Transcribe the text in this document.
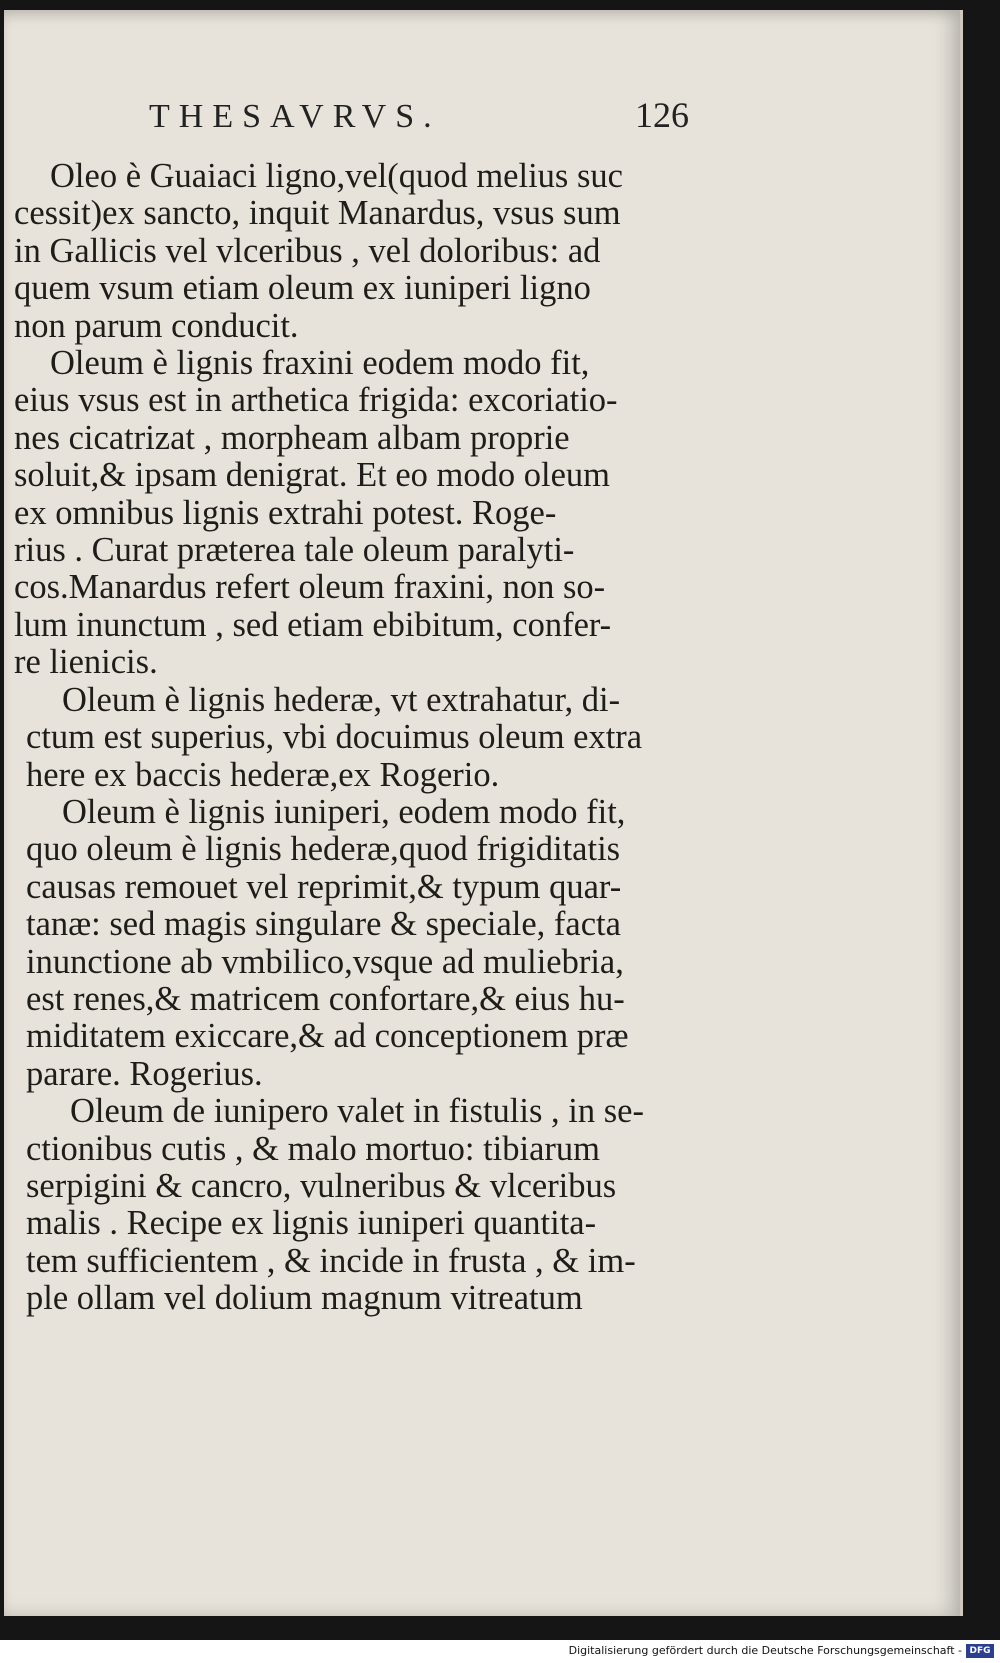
THESAVRVS.	126
Oleo è Guaiaci ligno,vel(quod melius suc
cessit)ex sancto, inquit Manardus, vsus sum
in Gallicis vel vlceribus , vel doloribus: ad
quem vsum etiam oleum ex iuniperi ligno
non parum conducit.
Oleum è lignis fraxini eodem modo fit,
eius vsus est in arthetica frigida: excoriatio-
nes cicatrizat , morpheam albam proprie
soluit,& ipsam denigrat. Et eo modo oleum
ex omnibus lignis extrahi potest. Roge-
rius . Curat præterea tale oleum paralyti-
cos.Manardus refert oleum fraxini, non so-
lum inunctum , sed etiam ebibitum, confer-
re lienicis.
Oleum è lignis hederæ, vt extrahatur, di-
ctum est superius, vbi docuimus oleum extra
here ex baccis hederæ,ex Rogerio.
Oleum è lignis iuniperi, eodem modo fit,
quo oleum è lignis hederæ,quod frigiditatis
causas remouet vel reprimit,& typum quar-
tanæ: sed magis singulare & speciale, facta
inunctione ab vmbilico,vsque ad muliebria,
est renes,& matricem confortare,& eius hu-
miditatem exiccare,& ad conceptionem præ
parare. Rogerius.
Oleum de iunipero valet in fistulis , in se-
ctionibus cutis , & malo mortuo: tibiarum
serpigini & cancro, vulneribus & vlceribus
malis . Recipe ex lignis iuniperi quantita-
tem sufficientem , & incide in frusta , & im-
ple ollam vel dolium magnum vitreatum
Digitalisierung gefördert durch die Deutsche Forschungsgemeinschaft - DFG
